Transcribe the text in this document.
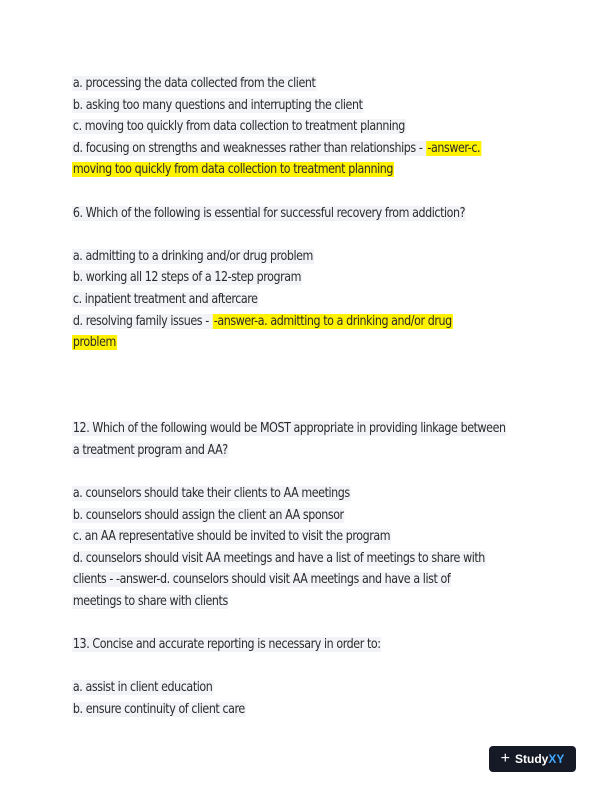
a. processing the data collected from the client
b. asking too many questions and interrupting the client
c. moving too quickly from data collection to treatment planning
d. focusing on strengths and weaknesses rather than relationships - -answer-c.
moving too quickly from data collection to treatment planning
6. Which of the following is essential for successful recovery from addiction?
a. admitting to a drinking and/or drug problem
b. working all 12 steps of a 12-step program
c. inpatient treatment and aftercare
d. resolving family issues - -answer-a. admitting to a drinking and/or drug
problem
12. Which of the following would be MOST appropriate in providing linkage between
a treatment program and AA?
a. counselors should take their clients to AA meetings
b. counselors should assign the client an AA sponsor
c. an AA representative should be invited to visit the program
d. counselors should visit AA meetings and have a list of meetings to share with
clients - -answer-d. counselors should visit AA meetings and have a list of
meetings to share with clients
13. Concise and accurate reporting is necessary in order to:
a. assist in client education
b. ensure continuity of client care
+ Study XY
